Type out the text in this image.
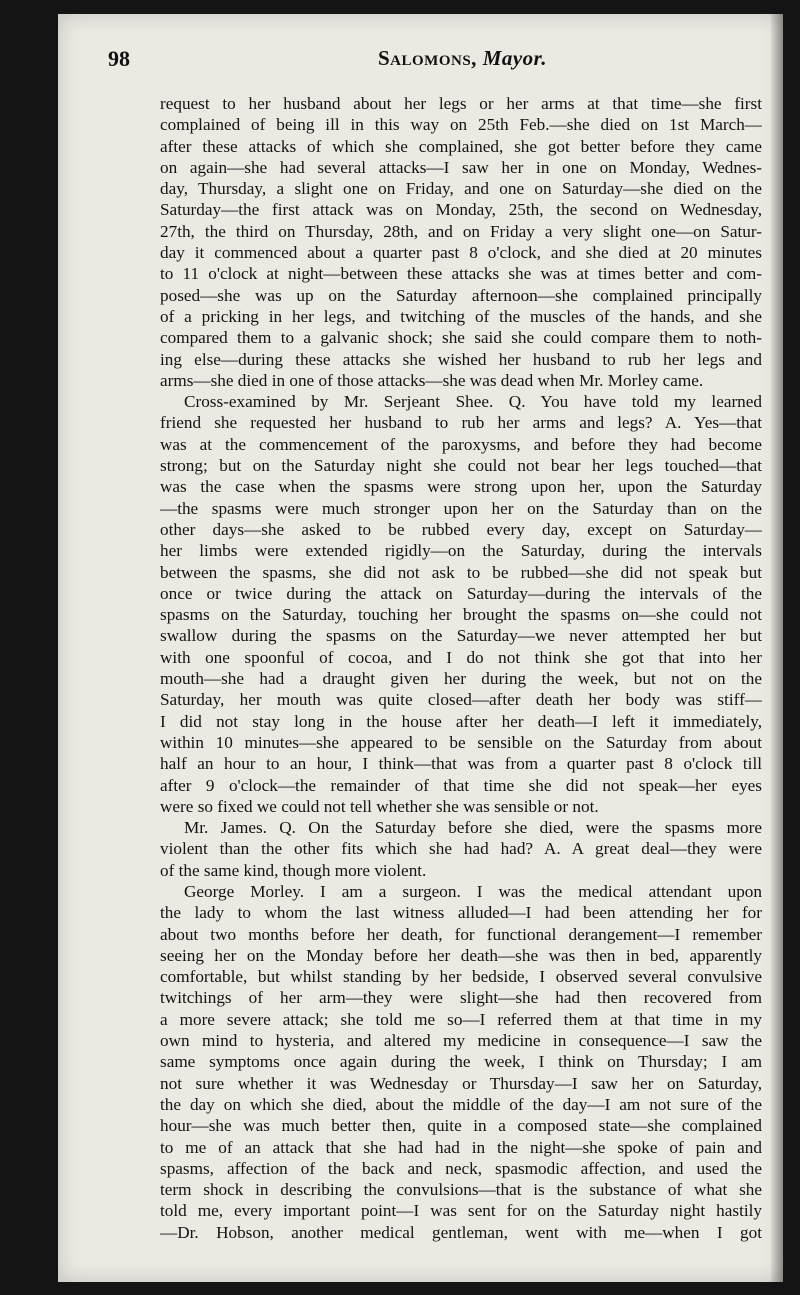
98	Salomons, Mayor.
request to her husband about her legs or her arms at that time—she first
complained of being ill in this way on 25th Feb.—she died on 1st March—
after these attacks of which she complained, she got better before they came
on again—she had several attacks—I saw her in one on Monday, Wednes-
day, Thursday, a slight one on Friday, and one on Saturday—she died on the
Saturday—the first attack was on Monday, 25th, the second on Wednesday,
27th, the third on Thursday, 28th, and on Friday a very slight one—on Satur-
day it commenced about a quarter past 8 o'clock, and she died at 20 minutes
to 11 o'clock at night—between these attacks she was at times better and com-
posed—she was up on the Saturday afternoon—she complained principally
of a pricking in her legs, and twitching of the muscles of the hands, and she
compared them to a galvanic shock; she said she could compare them to noth-
ing else—during these attacks she wished her husband to rub her legs and
arms—she died in one of those attacks—she was dead when Mr. Morley came.
Cross-examined by Mr. Serjeant Shee. Q. You have told my learned
friend she requested her husband to rub her arms and legs? A. Yes—that
was at the commencement of the paroxysms, and before they had become
strong; but on the Saturday night she could not bear her legs touched—that
was the case when the spasms were strong upon her, upon the Saturday
—the spasms were much stronger upon her on the Saturday than on the
other days—she asked to be rubbed every day, except on Saturday—
her limbs were extended rigidly—on the Saturday, during the intervals
between the spasms, she did not ask to be rubbed—she did not speak but
once or twice during the attack on Saturday—during the intervals of the
spasms on the Saturday, touching her brought the spasms on—she could not
swallow during the spasms on the Saturday—we never attempted her but
with one spoonful of cocoa, and I do not think she got that into her
mouth—she had a draught given her during the week, but not on the
Saturday, her mouth was quite closed—after death her body was stiff—
I did not stay long in the house after her death—I left it immediately,
within 10 minutes—she appeared to be sensible on the Saturday from about
half an hour to an hour, I think—that was from a quarter past 8 o'clock till
after 9 o'clock—the remainder of that time she did not speak—her eyes
were so fixed we could not tell whether she was sensible or not.
Mr. James. Q. On the Saturday before she died, were the spasms more
violent than the other fits which she had had? A. A great deal—they were
of the same kind, though more violent.
George Morley. I am a surgeon. I was the medical attendant upon
the lady to whom the last witness alluded—I had been attending her for
about two months before her death, for functional derangement—I remember
seeing her on the Monday before her death—she was then in bed, apparently
comfortable, but whilst standing by her bedside, I observed several convulsive
twitchings of her arm—they were slight—she had then recovered from
a more severe attack; she told me so—I referred them at that time in my
own mind to hysteria, and altered my medicine in consequence—I saw the
same symptoms once again during the week, I think on Thursday; I am
not sure whether it was Wednesday or Thursday—I saw her on Saturday,
the day on which she died, about the middle of the day—I am not sure of the
hour—she was much better then, quite in a composed state—she complained
to me of an attack that she had had in the night—she spoke of pain and
spasms, affection of the back and neck, spasmodic affection, and used the
term shock in describing the convulsions—that is the substance of what she
told me, every important point—I was sent for on the Saturday night hastily
—Dr. Hobson, another medical gentleman, went with me—when I got
